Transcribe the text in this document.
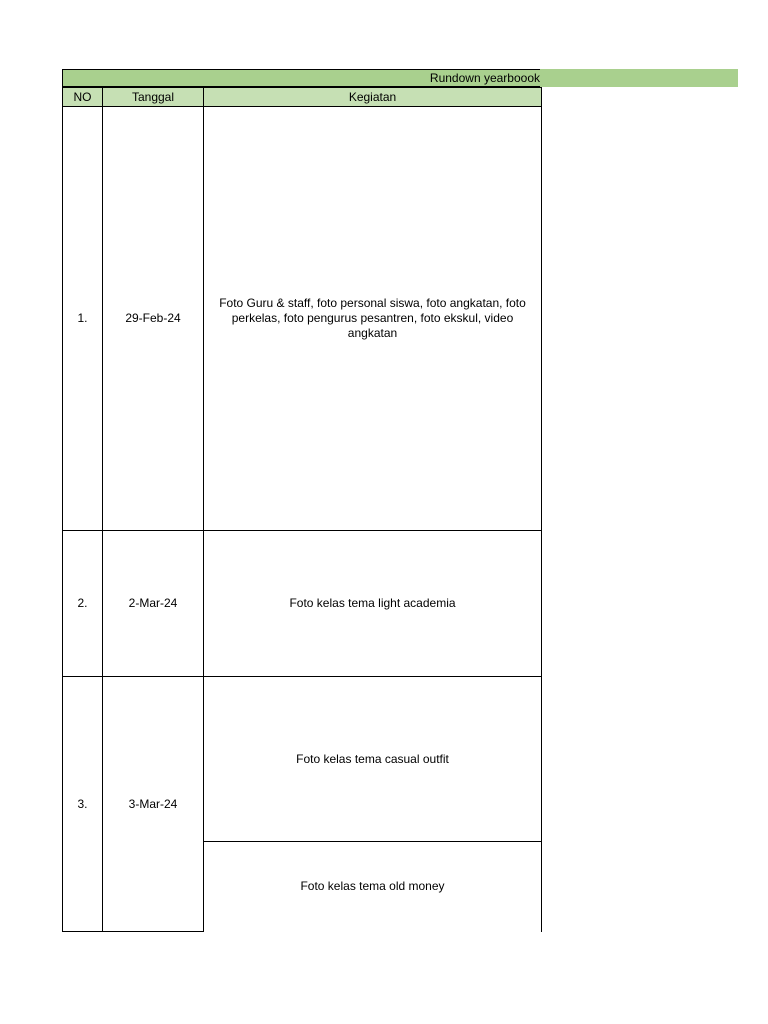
Rundown yearboook
NO	Tanggal	Kegiatan
1.	29-Feb-24	Foto Guru & staff, foto personal siswa, foto angkatan, foto perkelas, foto pengurus pesantren, foto ekskul, video angkatan
2.	2-Mar-24	Foto kelas tema light academia
3.	3-Mar-24	Foto kelas tema casual outfit
		Foto kelas tema old money
